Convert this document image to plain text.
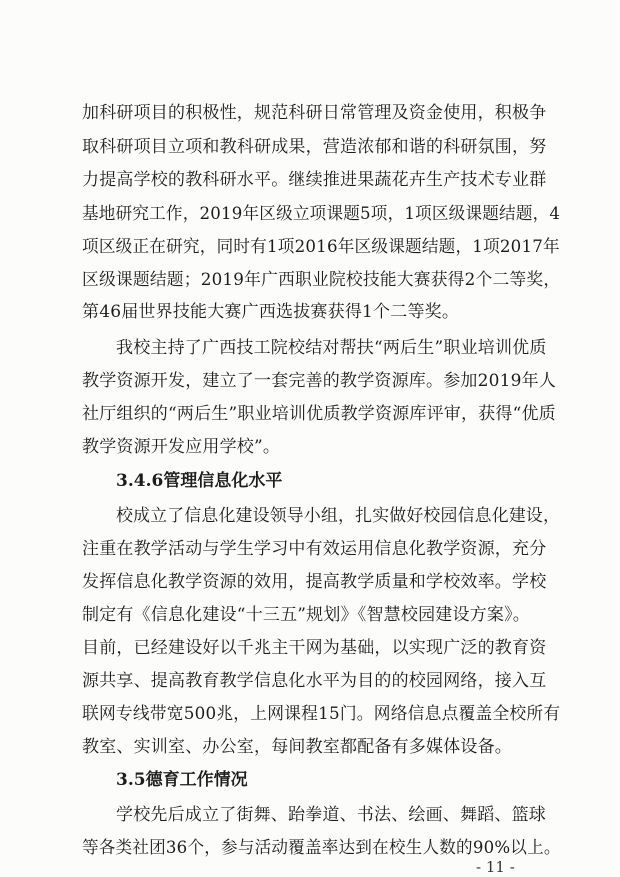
加科研项目的积极性，规范科研日常管理及资金使用，积极争
取科研项目立项和教科研成果，营造浓郁和谐的科研氛围，努
力提高学校的教科研水平。继续推进果蔬花卉生产技术专业群
基地研究工作，2019年区级立项课题5项，1项区级课题结题，4
项区级正在研究，同时有1项2016年区级课题结题，1项2017年
区级课题结题；2019年广西职业院校技能大赛获得2个二等奖，
第46届世界技能大赛广西选拔赛获得1个二等奖。
我校主持了广西技工院校结对帮扶“两后生”职业培训优质
教学资源开发，建立了一套完善的教学资源库。参加2019年人
社厅组织的“两后生”职业培训优质教学资源库评审，获得“优质
教学资源开发应用学校”。
3.4.6管理信息化水平
校成立了信息化建设领导小组，扎实做好校园信息化建设，
注重在教学活动与学生学习中有效运用信息化教学资源，充分
发挥信息化教学资源的效用，提高教学质量和学校效率。学校
制定有《信息化建设“十三五”规划》《智慧校园建设方案》。
目前，已经建设好以千兆主干网为基础，以实现广泛的教育资
源共享、提高教育教学信息化水平为目的的校园网络，接入互
联网专线带宽500兆，上网课程15门。网络信息点覆盖全校所有
教室、实训室、办公室，每间教室都配备有多媒体设备。
3.5德育工作情况
学校先后成立了街舞、跆拳道、书法、绘画、舞蹈、篮球
等各类社团36个，参与活动覆盖率达到在校生人数的90%以上。
- 11 -
